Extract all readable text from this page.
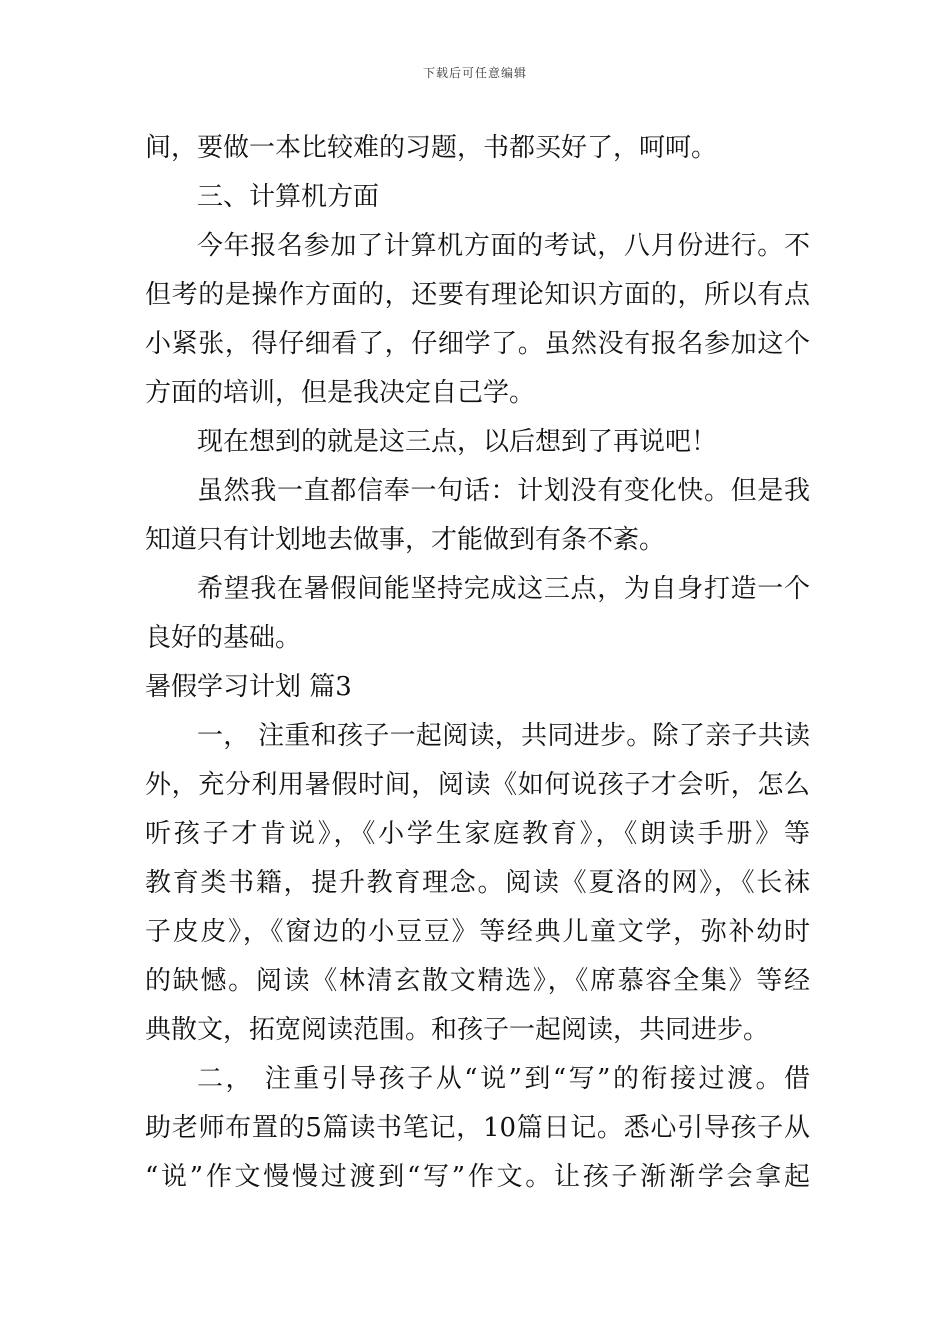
下载后可任意编辑
间，要做一本比较难的习题，书都买好了，呵呵。
三、计算机方面
今年报名参加了计算机方面的考试，八月份进行。不
但考的是操作方面的，还要有理论知识方面的，所以有点
小紧张，得仔细看了，仔细学了。虽然没有报名参加这个
方面的培训，但是我决定自己学。
现在想到的就是这三点，以后想到了再说吧！
虽然我一直都信奉一句话：计划没有变化快。但是我
知道只有计划地去做事，才能做到有条不紊。
希望我在暑假间能坚持完成这三点，为自身打造一个
良好的基础。
暑假学习计划 篇3
一， 注重和孩子一起阅读，共同进步。除了亲子共读
外，充分利用暑假时间，阅读《如何说孩子才会听，怎么
听孩子才肯说》，《小学生家庭教育》，《朗读手册》等
教育类书籍，提升教育理念。阅读《夏洛的网》，《长袜
子皮皮》，《窗边的小豆豆》等经典儿童文学，弥补幼时
的缺憾。阅读《林清玄散文精选》，《席慕容全集》等经
典散文，拓宽阅读范围。和孩子一起阅读，共同进步。
二， 注重引导孩子从“说”到“写”的衔接过渡。借
助老师布置的5篇读书笔记，10篇日记。悉心引导孩子从
“说”作文慢慢过渡到“写”作文。让孩子渐渐学会拿起
